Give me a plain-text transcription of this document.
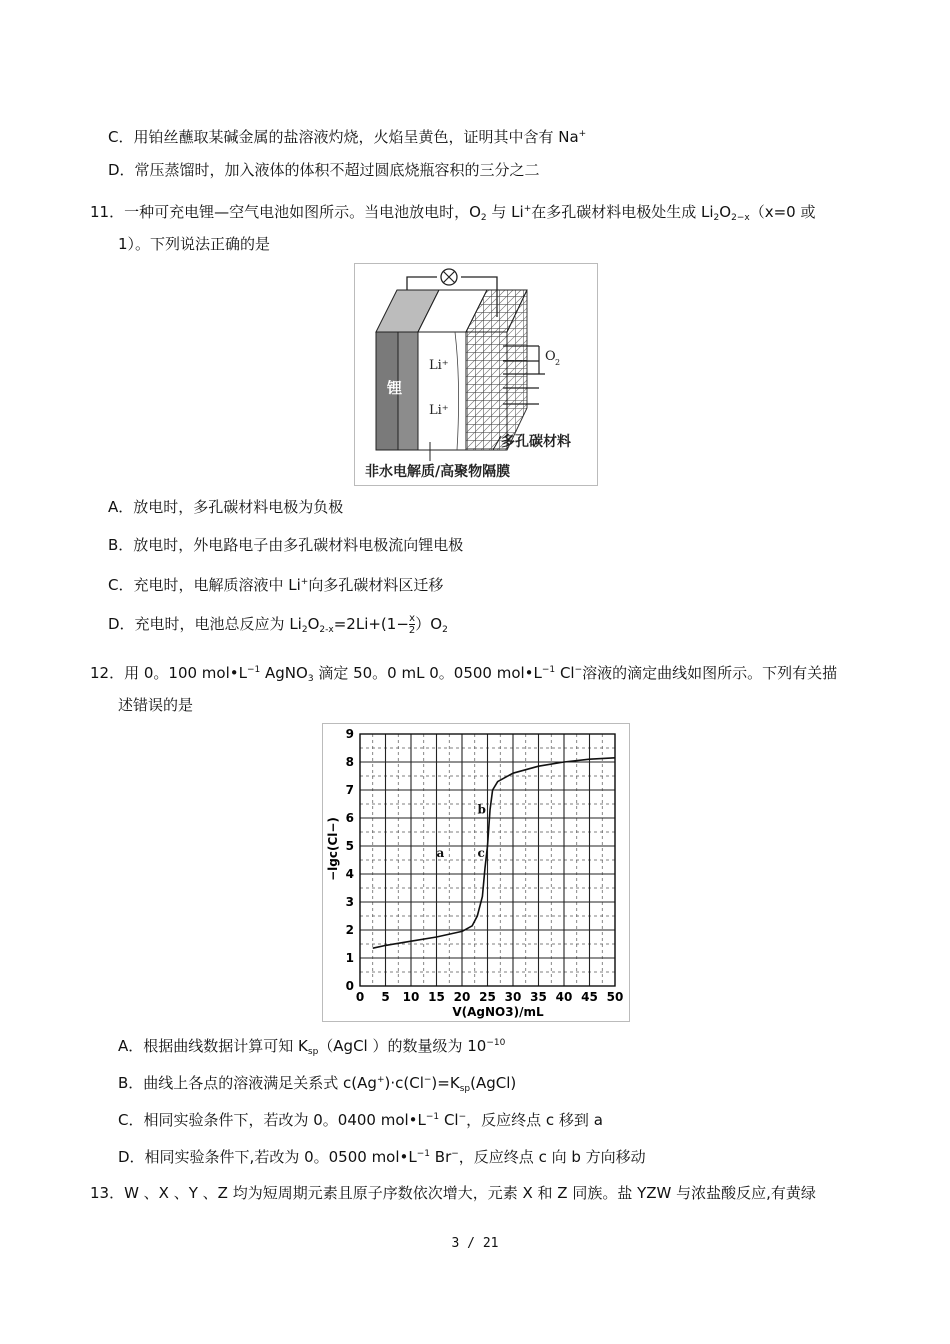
C．用铂丝蘸取某碱金属的盐溶液灼烧，火焰呈黄色，证明其中含有 Na+
D．常压蒸馏时，加入液体的体积不超过圆底烧瓶容积的三分之二
11．一种可充电锂—空气电池如图所示。当电池放电时，$O_2$ 与 Li+在多孔碳材料电极处生成 $Li_2O_{2-x}(x=0$ 或
1）。下列说法正确的是
锂
Li⁺
Li⁺
O 2
多孔碳材料
非水电解质/高聚物隔膜
A．放电时，多孔碳材料电极为负极
B．放电时，外电路电子由多孔碳材料电极流向锂电极
C．充电时，电解质溶液中 Li+向多孔碳材料区迁移
D．充电时，电池总反应为 $Li_2O_{2-x}=2Li+(1- \frac{x}{2} )O_2$
12．用 0。100 $mol•L^{-1}$ AgNO$_3$ 滴定 50。0 mL 0。0500 $mol•L^{-1}$ Cl−溶液的滴定曲线如图所示。下列有关描
述错误的是
0 5 10 15 20 25 30 35 40 45 50
0
1
2
3
4
5
6
7
8
9
a
b
c
V(AgNO3)/mL
−lgc(Cl−)
A．根据曲线数据计算可知 $K_{sp}(AgCl$ ）的数量级为 $10^{-10}$
B．曲线上各点的溶液满足关系式 $c(Ag^+)\cdot c(Cl^-)=K_{sp}(AgCl)$
C．相同实验条件下，若改为 0。0400 $mol•L^{-1}$ Cl−，反应终点 c 移到 a
D．相同实验条件下,若改为 0。0500 $mol•L^{-1}$ Br−，反应终点 c 向 b 方向移动
13．W 、X 、Y 、Z 均为短周期元素且原子序数依次增大，元素 X 和 Z 同族。盐 YZW 与浓盐酸反应,有黄绿
3 / 21
